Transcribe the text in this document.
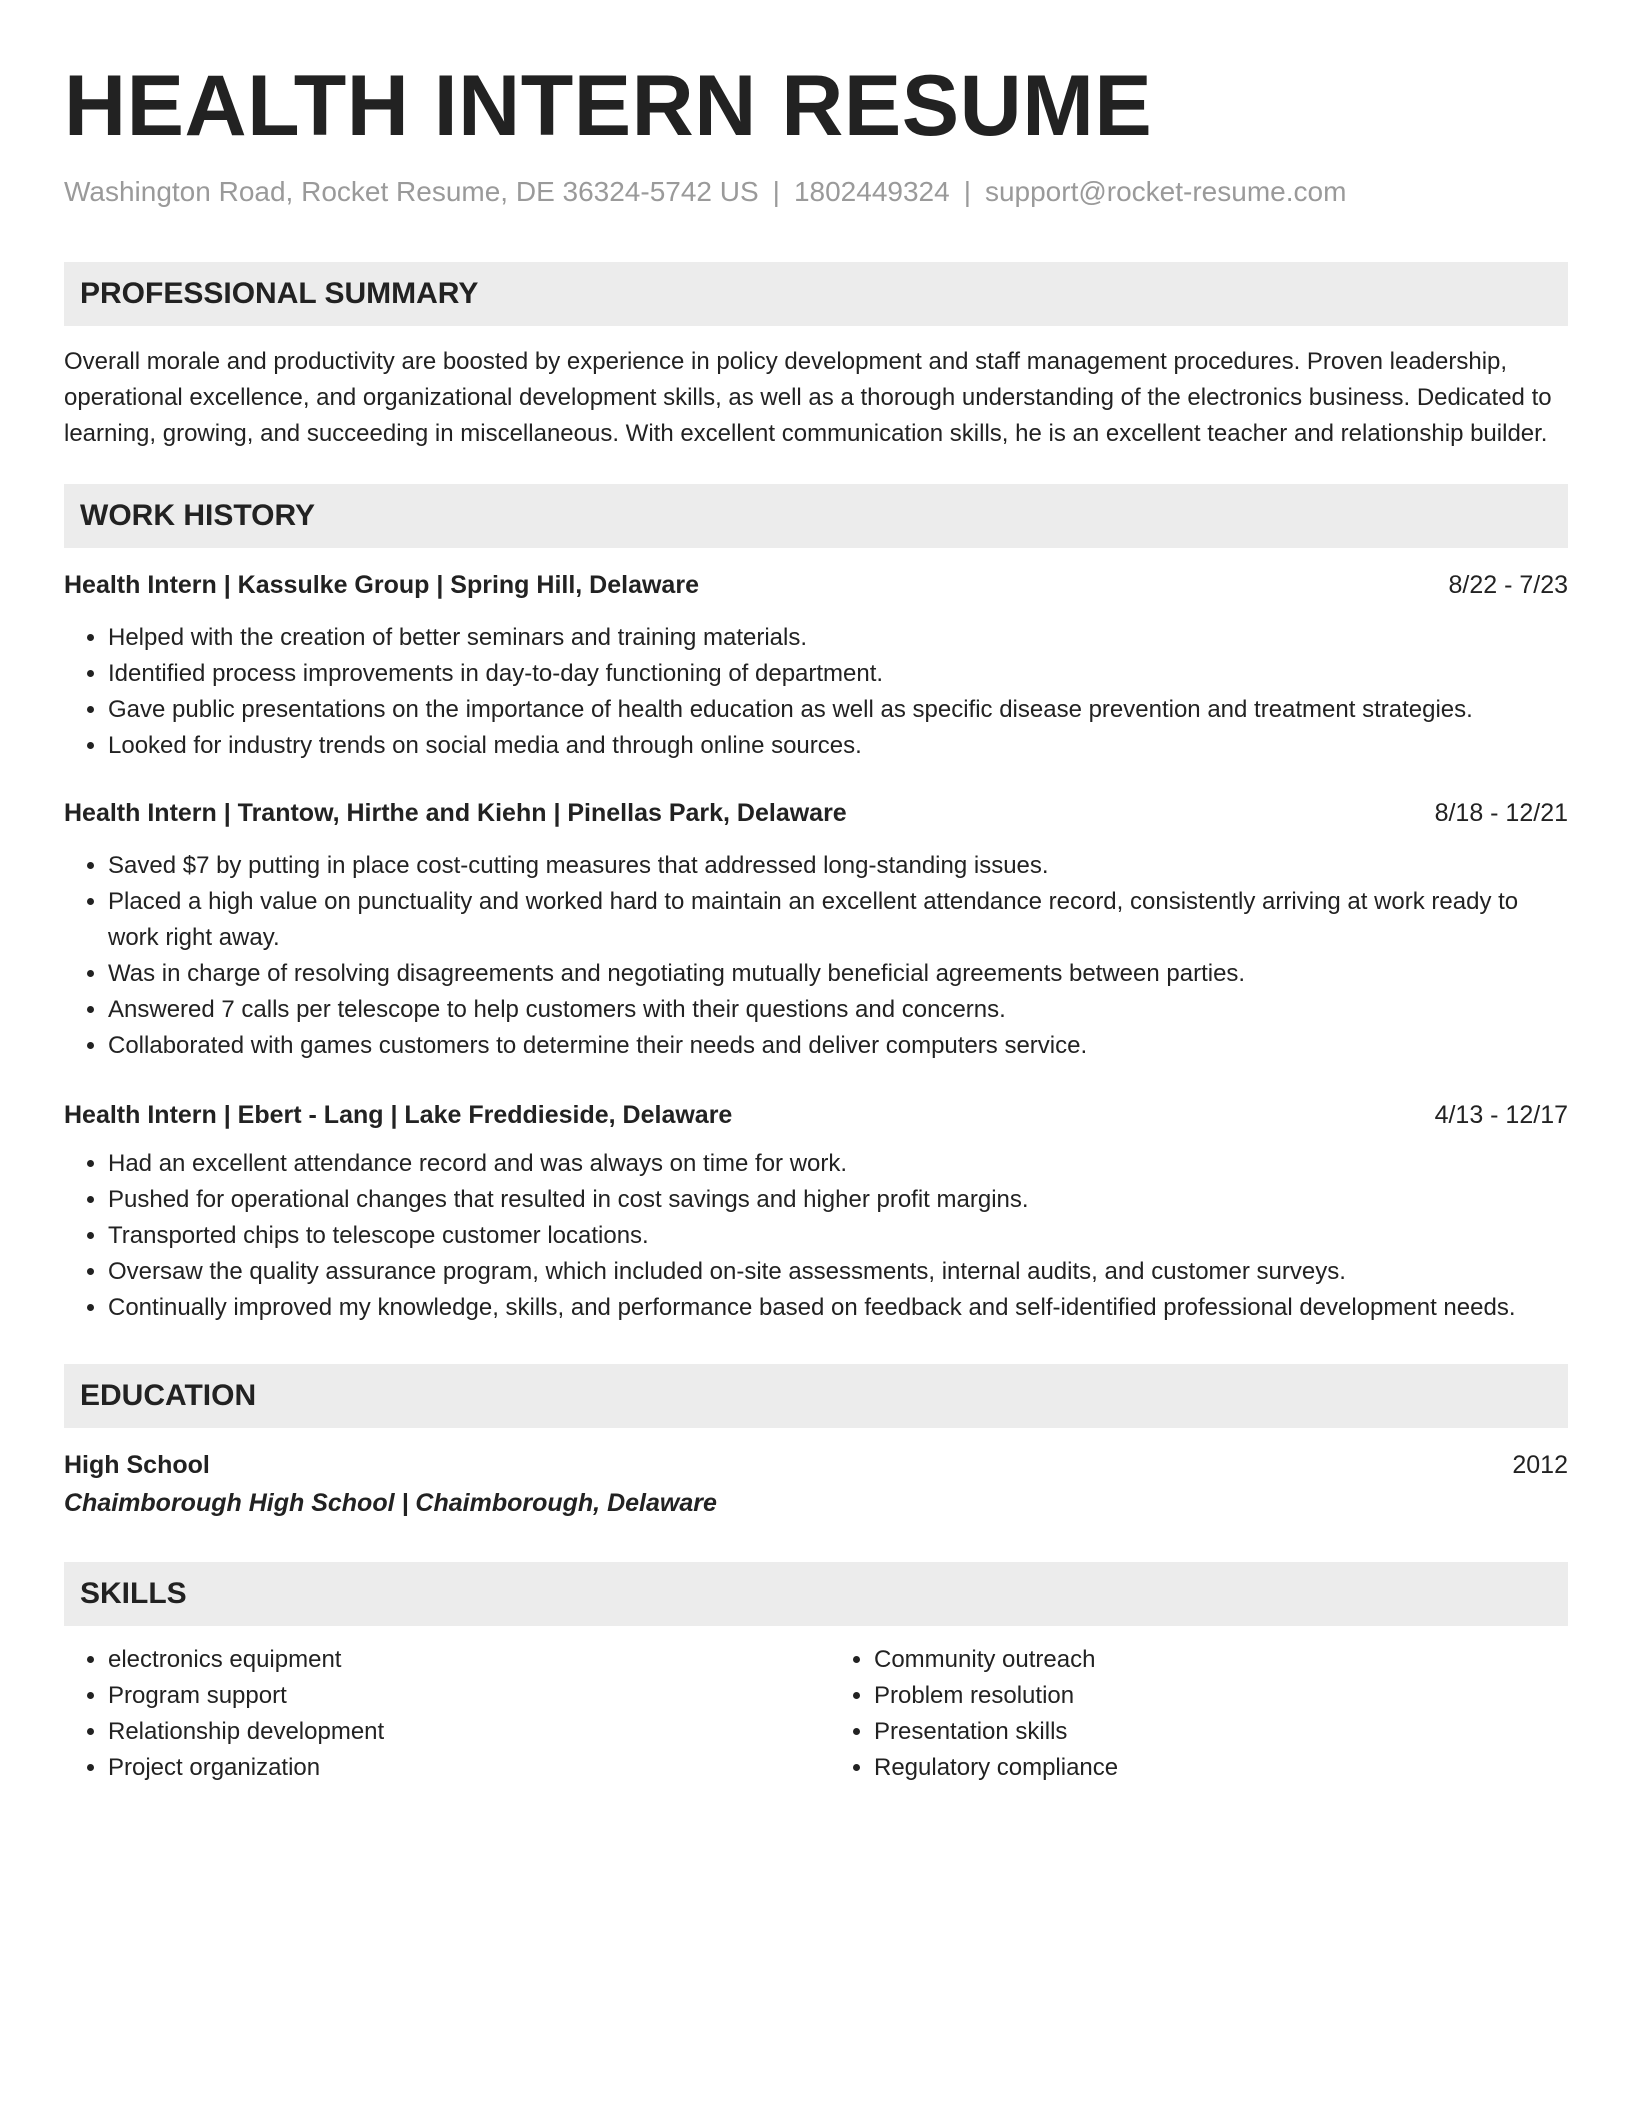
HEALTH INTERN RESUME
Washington Road, Rocket Resume, DE 36324-5742 US | 1802449324 | support@rocket-resume.com
PROFESSIONAL SUMMARY
Overall morale and productivity are boosted by experience in policy development and staff management procedures. Proven leadership, operational excellence, and organizational development skills, as well as a thorough understanding of the electronics business. Dedicated to learning, growing, and succeeding in miscellaneous. With excellent communication skills, he is an excellent teacher and relationship builder.
WORK HISTORY
Health Intern | Kassulke Group | Spring Hill, Delaware	8/22 - 7/23
• Helped with the creation of better seminars and training materials.
• Identified process improvements in day-to-day functioning of department.
• Gave public presentations on the importance of health education as well as specific disease prevention and treatment strategies.
• Looked for industry trends on social media and through online sources.
Health Intern | Trantow, Hirthe and Kiehn | Pinellas Park, Delaware	8/18 - 12/21
• Saved $7 by putting in place cost-cutting measures that addressed long-standing issues.
• Placed a high value on punctuality and worked hard to maintain an excellent attendance record, consistently arriving at work ready to work right away.
• Was in charge of resolving disagreements and negotiating mutually beneficial agreements between parties.
• Answered 7 calls per telescope to help customers with their questions and concerns.
• Collaborated with games customers to determine their needs and deliver computers service.
Health Intern | Ebert - Lang | Lake Freddieside, Delaware	4/13 - 12/17
• Had an excellent attendance record and was always on time for work.
• Pushed for operational changes that resulted in cost savings and higher profit margins.
• Transported chips to telescope customer locations.
• Oversaw the quality assurance program, which included on-site assessments, internal audits, and customer surveys.
• Continually improved my knowledge, skills, and performance based on feedback and self-identified professional development needs.
EDUCATION
High School	2012
Chaimborough High School | Chaimborough, Delaware
SKILLS
• electronics equipment
• Program support
• Relationship development
• Project organization
• Community outreach
• Problem resolution
• Presentation skills
• Regulatory compliance
